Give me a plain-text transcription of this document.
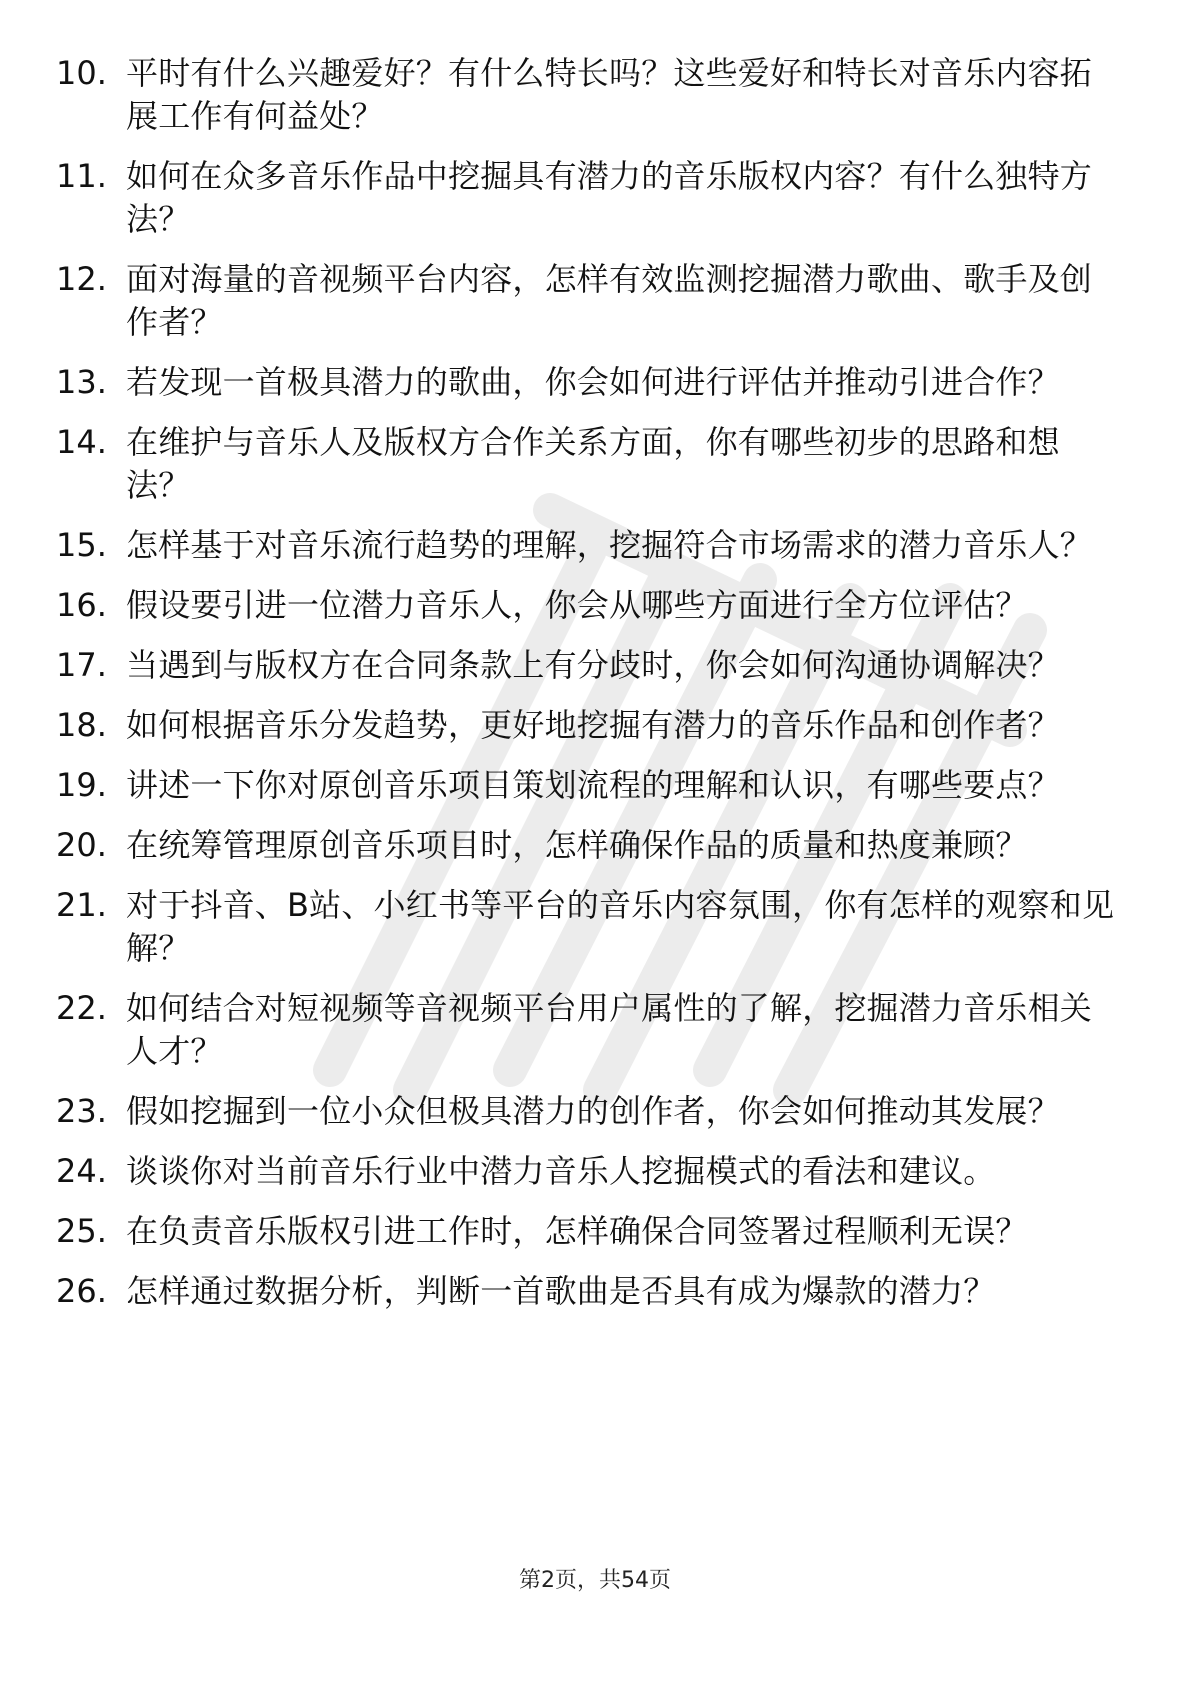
10. 平时有什么兴趣爱好？有什么特长吗？这些爱好和特长对音乐内容拓展工作有何益处？
11. 如何在众多音乐作品中挖掘具有潜力的音乐版权内容？有什么独特方法？
12. 面对海量的音视频平台内容，怎样有效监测挖掘潜力歌曲、歌手及创作者？
13. 若发现一首极具潜力的歌曲，你会如何进行评估并推动引进合作？
14. 在维护与音乐人及版权方合作关系方面，你有哪些初步的思路和想法？
15. 怎样基于对音乐流行趋势的理解，挖掘符合市场需求的潜力音乐人？
16. 假设要引进一位潜力音乐人，你会从哪些方面进行全方位评估？
17. 当遇到与版权方在合同条款上有分歧时，你会如何沟通协调解决？
18. 如何根据音乐分发趋势，更好地挖掘有潜力的音乐作品和创作者？
19. 讲述一下你对原创音乐项目策划流程的理解和认识，有哪些要点？
20. 在统筹管理原创音乐项目时，怎样确保作品的质量和热度兼顾？
21. 对于抖音、B站、小红书等平台的音乐内容氛围，你有怎样的观察和见解？
22. 如何结合对短视频等音视频平台用户属性的了解，挖掘潜力音乐相关人才？
23. 假如挖掘到一位小众但极具潜力的创作者，你会如何推动其发展？
24. 谈谈你对当前音乐行业中潜力音乐人挖掘模式的看法和建议。
25. 在负责音乐版权引进工作时，怎样确保合同签署过程顺利无误？
26. 怎样通过数据分析，判断一首歌曲是否具有成为爆款的潜力？
第2页，共54页
